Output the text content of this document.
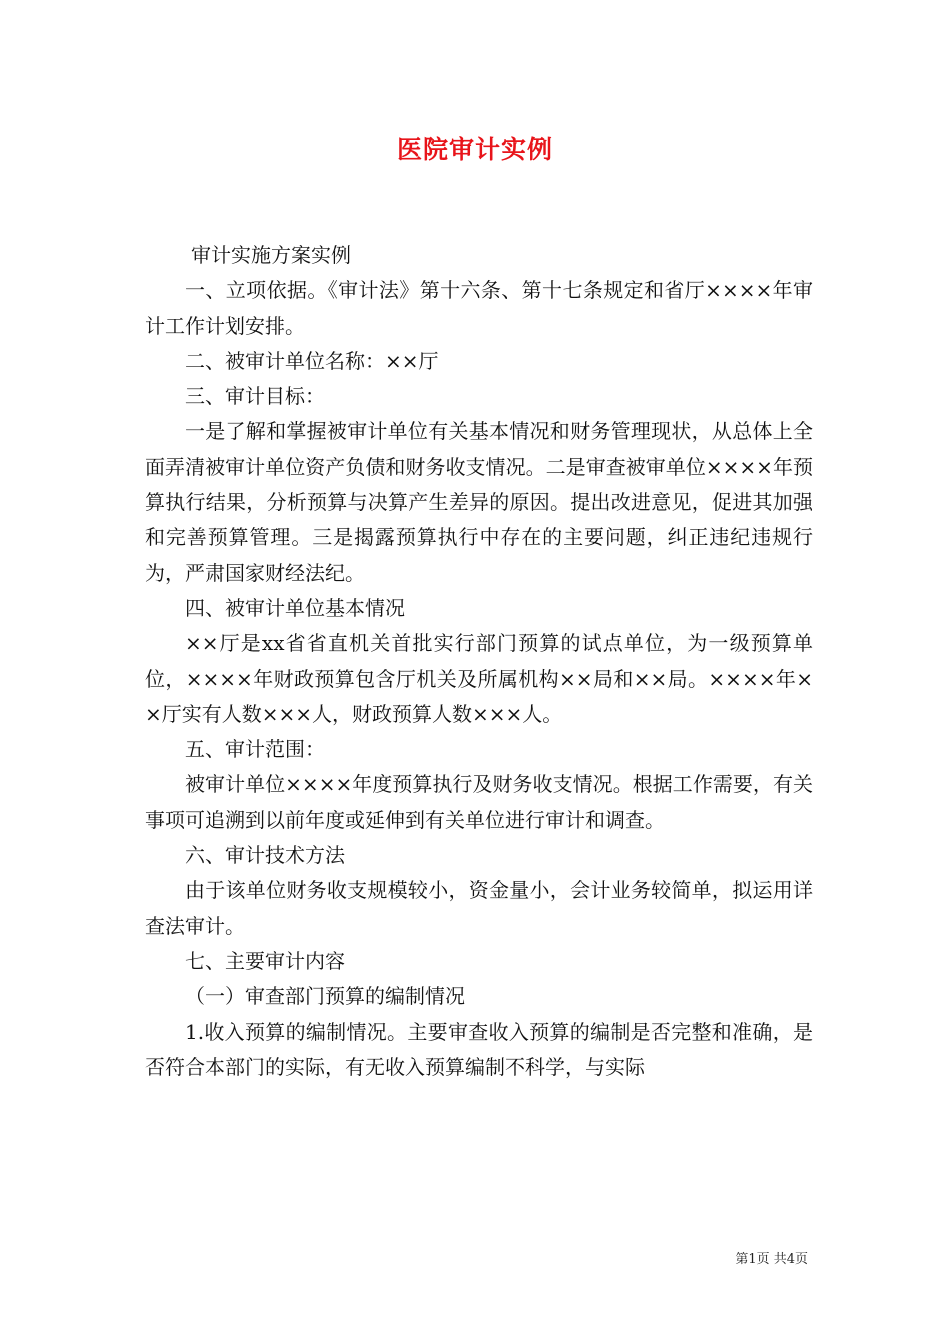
医院审计实例

审计实施方案实例

一、立项依据。《审计法》第十六条、第十七条规定和省厅××××年审计工作计划安排。

二、被审计单位名称：××厅

三、审计目标：

一是了解和掌握被审计单位有关基本情况和财务管理现状，从总体上全面弄清被审计单位资产负债和财务收支情况。二是审查被审单位××××年预算执行结果，分析预算与决算产生差异的原因。提出改进意见，促进其加强和完善预算管理。三是揭露预算执行中存在的主要问题，纠正违纪违规行为，严肃国家财经法纪。

四、被审计单位基本情况

××厅是xx省省直机关首批实行部门预算的试点单位，为一级预算单位，××××年财政预算包含厅机关及所属机构××局和××局。××××年××厅实有人数×××人，财政预算人数×××人。

五、审计范围：

被审计单位××××年度预算执行及财务收支情况。根据工作需要，有关事项可追溯到以前年度或延伸到有关单位进行审计和调查。

六、审计技术方法

由于该单位财务收支规模较小，资金量小，会计业务较简单，拟运用详查法审计。

七、主要审计内容

（一）审查部门预算的编制情况

1.收入预算的编制情况。主要审查收入预算的编制是否完整和准确，是否符合本部门的实际，有无收入预算编制不科学，与实际

第1页 共4页
